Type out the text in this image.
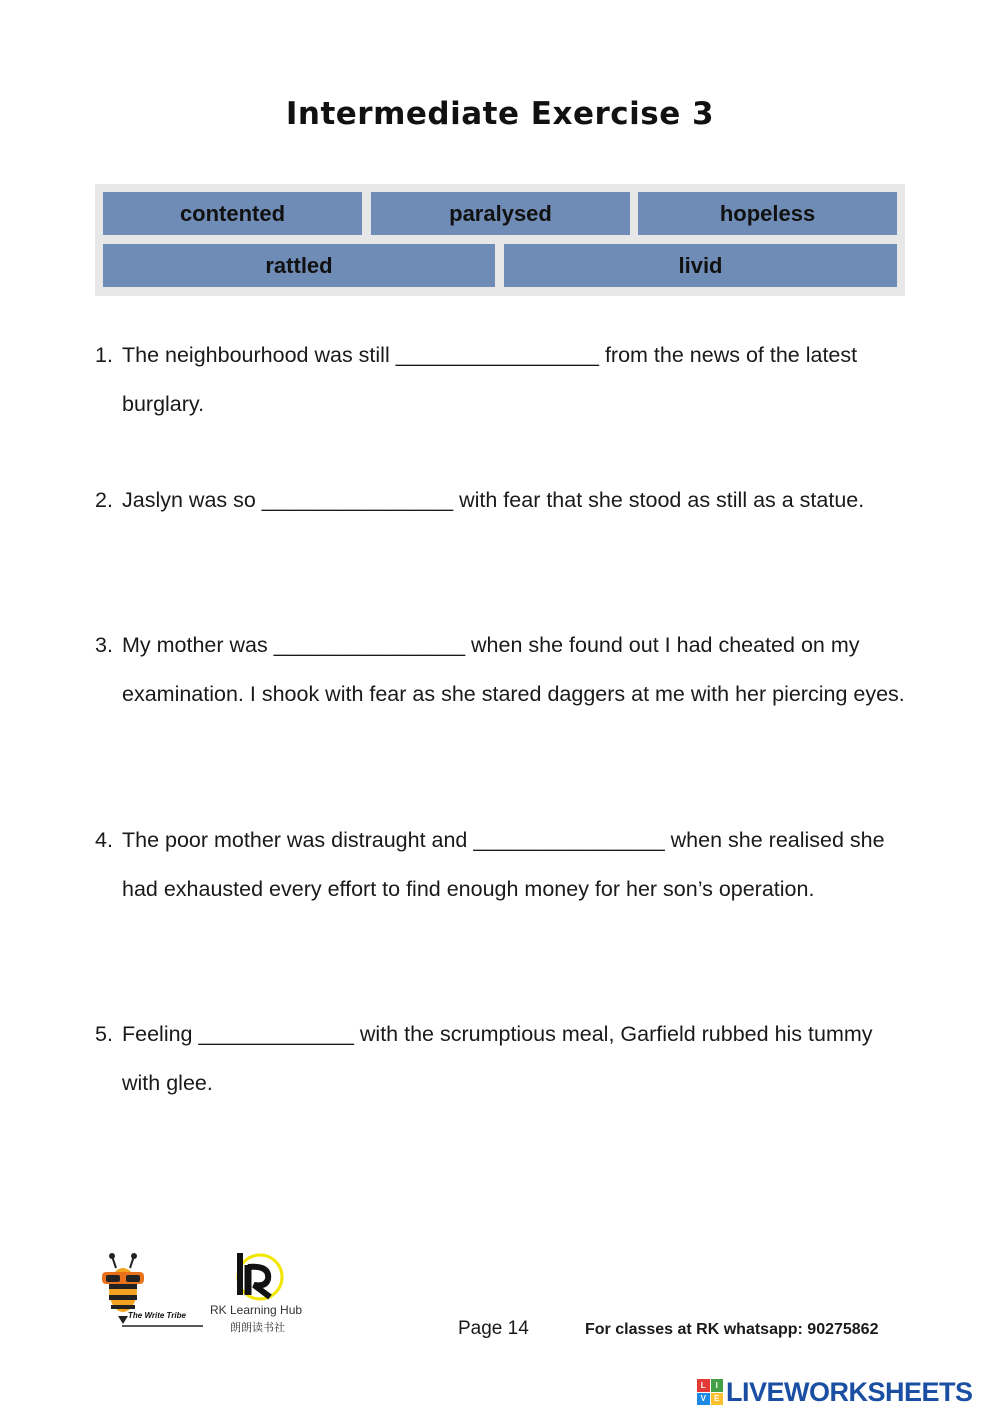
Intermediate Exercise 3
contented	paralysed	hopeless
rattled	livid
1. The neighbourhood was still _________________ from the news of the latest burglary.
2. Jaslyn was so ________________ with fear that she stood as still as a statue.
3. My mother was ________________ when she found out I had cheated on my examination. I shook with fear as she stared daggers at me with her piercing eyes.
4. The poor mother was distraught and ________________ when she realised she had exhausted every effort to find enough money for her son’s operation.
5. Feeling _____________ with the scrumptious meal, Garfield rubbed his tummy with glee.
The Write Tribe RK Learning Hub
朗朗读书社	Page 14	For classes at RK whatsapp: 90275862
L	I
V	E LIVEWORKSHEETS
